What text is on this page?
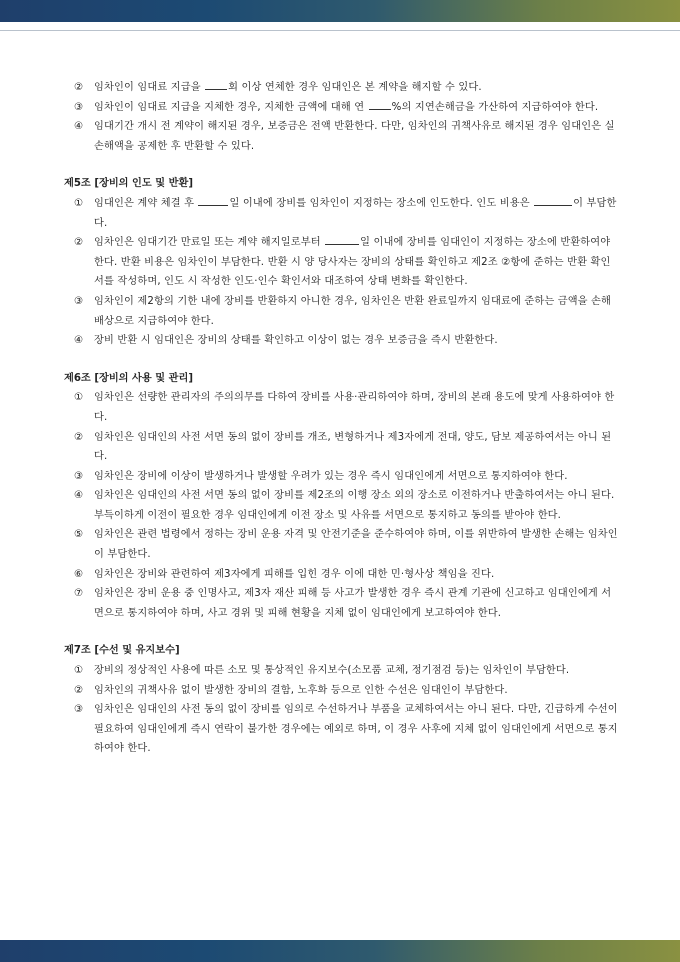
② 임차인이 임대료 지급을 회 이상 연체한 경우 임대인은 본 계약을 해지할 수 있다.
③ 임차인이 임대료 지급을 지체한 경우, 지체한 금액에 대해 연 %의 지연손해금을 가산하여 지급하여야 한다.
④ 임대기간 개시 전 계약이 해지된 경우, 보증금은 전액 반환한다. 다만, 임차인의 귀책사유로 해지된 경우 임대인은 실손해액을 공제한 후 반환할 수 있다.
제5조 [장비의 인도 및 반환]
① 임대인은 계약 체결 후	일 이내에 장비를 임차인이 지정하는 장소에 인도한다. 인도 비용은	이 부담한다.
② 임차인은 임대기간 만료일 또는 계약 해지일로부터	일 이내에 장비를 임대인이 지정하는 장소에 반환하여야 한다. 반환 비용은 임차인이 부담한다. 반환 시 양 당사자는 장비의 상태를 확인하고 제2조 ②항에 준하는 반환 확인서를 작성하며, 인도 시 작성한 인도·인수 확인서와 대조하여 상태 변화를 확인한다.
③ 임차인이 제2항의 기한 내에 장비를 반환하지 아니한 경우, 임차인은 반환 완료일까지 임대료에 준하는 금액을 손해배상으로 지급하여야 한다.
④ 장비 반환 시 임대인은 장비의 상태를 확인하고 이상이 없는 경우 보증금을 즉시 반환한다.
제6조 [장비의 사용 및 관리]
① 임차인은 선량한 관리자의 주의의무를 다하여 장비를 사용·관리하여야 하며, 장비의 본래 용도에 맞게 사용하여야 한다.
② 임차인은 임대인의 사전 서면 동의 없이 장비를 개조, 변형하거나 제3자에게 전대, 양도, 담보 제공하여서는 아니 된다.
③ 임차인은 장비에 이상이 발생하거나 발생할 우려가 있는 경우 즉시 임대인에게 서면으로 통지하여야 한다.
④ 임차인은 임대인의 사전 서면 동의 없이 장비를 제2조의 이행 장소 외의 장소로 이전하거나 반출하여서는 아니 된다. 부득이하게 이전이 필요한 경우 임대인에게 이전 장소 및 사유를 서면으로 통지하고 동의를 받아야 한다.
⑤ 임차인은 관련 법령에서 정하는 장비 운용 자격 및 안전기준을 준수하여야 하며, 이를 위반하여 발생한 손해는 임차인이 부담한다.
⑥ 임차인은 장비와 관련하여 제3자에게 피해를 입힌 경우 이에 대한 민·형사상 책임을 진다.
⑦ 임차인은 장비 운용 중 인명사고, 제3자 재산 피해 등 사고가 발생한 경우 즉시 관계 기관에 신고하고 임대인에게 서면으로 통지하여야 하며, 사고 경위 및 피해 현황을 지체 없이 임대인에게 보고하여야 한다.
제7조 [수선 및 유지보수]
① 장비의 정상적인 사용에 따른 소모 및 통상적인 유지보수(소모품 교체, 정기점검 등)는 임차인이 부담한다.
② 임차인의 귀책사유 없이 발생한 장비의 결함, 노후화 등으로 인한 수선은 임대인이 부담한다.
③ 임차인은 임대인의 사전 동의 없이 장비를 임의로 수선하거나 부품을 교체하여서는 아니 된다. 다만, 긴급하게 수선이 필요하여 임대인에게 즉시 연락이 불가한 경우에는 예외로 하며, 이 경우 사후에 지체 없이 임대인에게 서면으로 통지하여야 한다.
